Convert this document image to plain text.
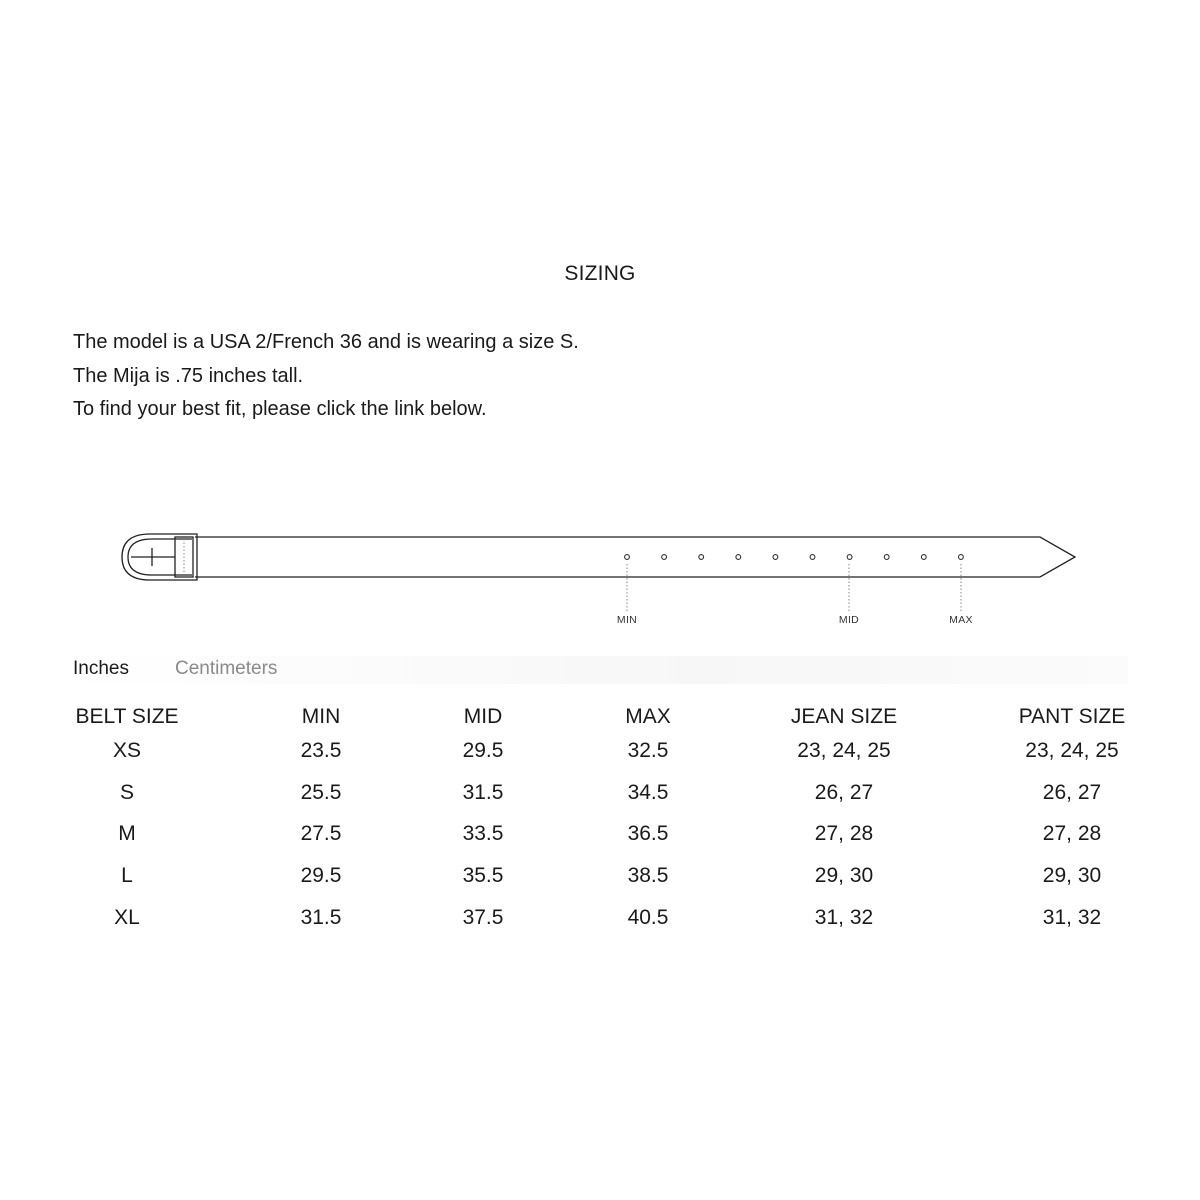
SIZING

The model is a USA 2/French 36 and is wearing a size S.

The Mija is .75 inches tall.

To find your best fit, please click the link below.

MIN	MID	MAX
Inches Centimeters
BELT SIZE	MIN	MID	MAX	JEAN SIZE	PANT SIZE
XS	23.5	29.5	32.5	23, 24, 25	23, 24, 25
S	25.5	31.5	34.5	26, 27	26, 27
M	27.5	33.5	36.5	27, 28	27, 28
L	29.5	35.5	38.5	29, 30	29, 30
XL	31.5	37.5	40.5	31, 32	31, 32
